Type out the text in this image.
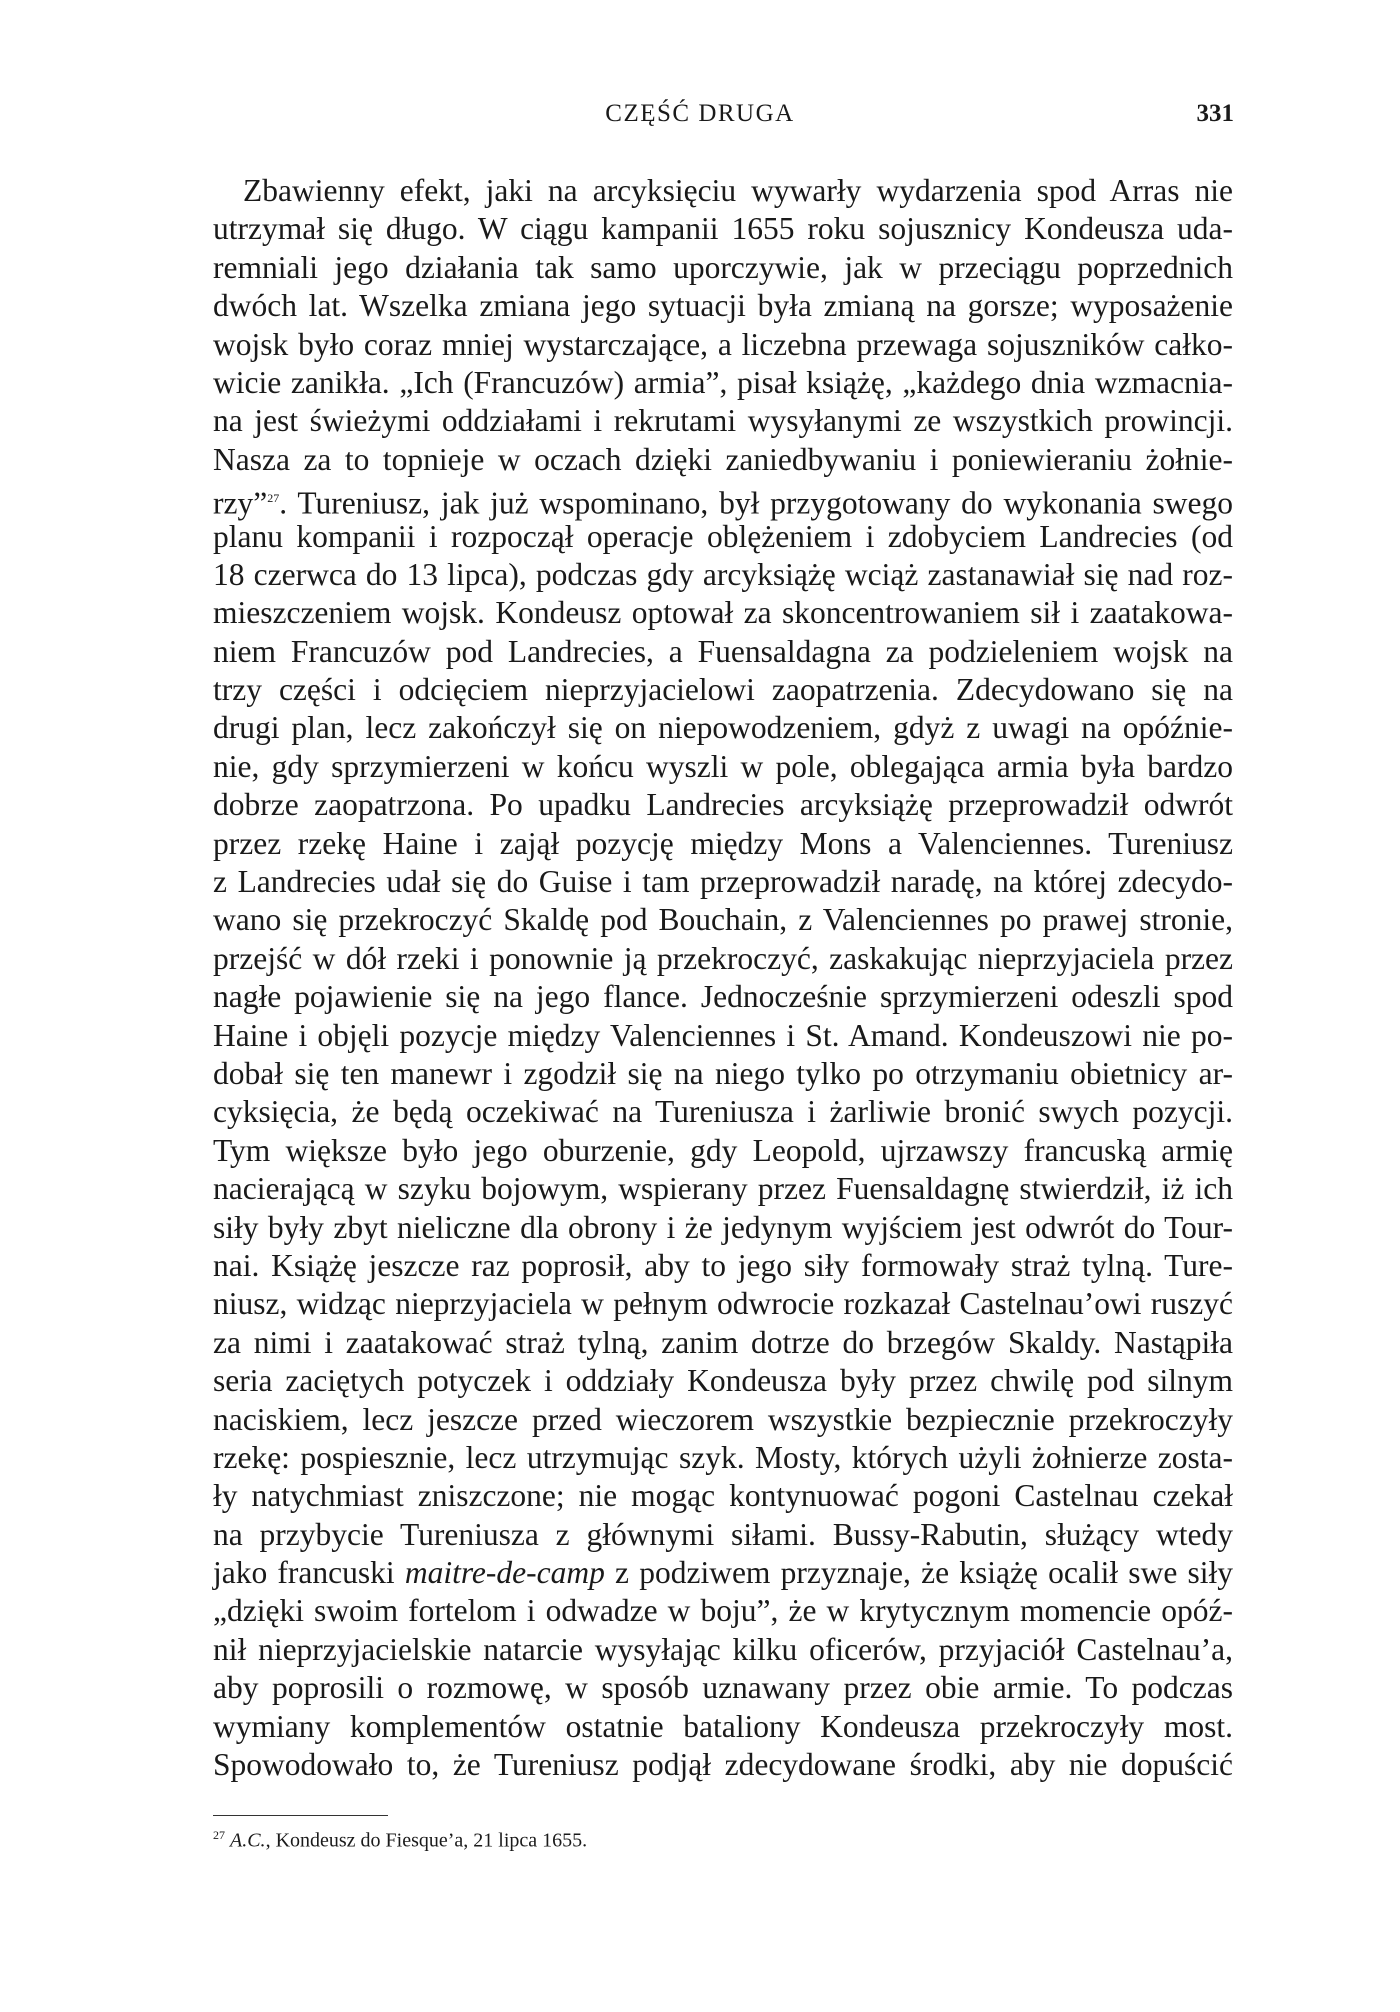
CZĘŚĆ DRUGA	331
Zbawienny efekt, jaki na arcyksięciu wywarły wydarzenia spod Arras nie
utrzymał się długo. W ciągu kampanii 1655 roku sojusznicy Kondeusza uda-
remniali jego działania tak samo uporczywie, jak w przeciągu poprzednich
dwóch lat. Wszelka zmiana jego sytuacji była zmianą na gorsze; wyposażenie
wojsk było coraz mniej wystarczające, a liczebna przewaga sojuszników całko-
wicie zanikła. „Ich (Francuzów) armia”, pisał książę, „każdego dnia wzmacnia-
na jest świeżymi oddziałami i rekrutami wysyłanymi ze wszystkich prowincji.
Nasza za to topnieje w oczach dzięki zaniedbywaniu i poniewieraniu żołnie-
rzy”$^{27}$. Tureniusz, jak już wspominano, był przygotowany do wykonania swego
planu kompanii i rozpoczął operacje oblężeniem i zdobyciem Landrecies (od
18 czerwca do 13 lipca), podczas gdy arcyksiążę wciąż zastanawiał się nad roz-
mieszczeniem wojsk. Kondeusz optował za skoncentrowaniem sił i zaatakowa-
niem Francuzów pod Landrecies, a Fuensaldagna za podzieleniem wojsk na
trzy części i odcięciem nieprzyjacielowi zaopatrzenia. Zdecydowano się na
drugi plan, lecz zakończył się on niepowodzeniem, gdyż z uwagi na opóźnie-
nie, gdy sprzymierzeni w końcu wyszli w pole, oblegająca armia była bardzo
dobrze zaopatrzona. Po upadku Landrecies arcyksiążę przeprowadził odwrót
przez rzekę Haine i zajął pozycję między Mons a Valenciennes. Tureniusz
z Landrecies udał się do Guise i tam przeprowadził naradę, na której zdecydo-
wano się przekroczyć Skaldę pod Bouchain, z Valenciennes po prawej stronie,
przejść w dół rzeki i ponownie ją przekroczyć, zaskakując nieprzyjaciela przez
nagłe pojawienie się na jego flance. Jednocześnie sprzymierzeni odeszli spod
Haine i objęli pozycje między Valenciennes i St. Amand. Kondeuszowi nie po-
dobał się ten manewr i zgodził się na niego tylko po otrzymaniu obietnicy ar-
cyksięcia, że będą oczekiwać na Tureniusza i żarliwie bronić swych pozycji.
Tym większe było jego oburzenie, gdy Leopold, ujrzawszy francuską armię
nacierającą w szyku bojowym, wspierany przez Fuensaldagnę stwierdził, iż ich
siły były zbyt nieliczne dla obrony i że jedynym wyjściem jest odwrót do Tour-
nai. Książę jeszcze raz poprosił, aby to jego siły formowały straż tylną. Ture-
niusz, widząc nieprzyjaciela w pełnym odwrocie rozkazał Castelnau’owi ruszyć
za nimi i zaatakować straż tylną, zanim dotrze do brzegów Skaldy. Nastąpiła
seria zaciętych potyczek i oddziały Kondeusza były przez chwilę pod silnym
naciskiem, lecz jeszcze przed wieczorem wszystkie bezpiecznie przekroczyły
rzekę: pospiesznie, lecz utrzymując szyk. Mosty, których użyli żołnierze zosta-
ły natychmiast zniszczone; nie mogąc kontynuować pogoni Castelnau czekał
na przybycie Tureniusza z głównymi siłami. Bussy-Rabutin, służący wtedy
jako francuski maitre-de-camp z podziwem przyznaje, że książę ocalił swe siły
„dzięki swoim fortelom i odwadze w boju”, że w krytycznym momencie opóź-
nił nieprzyjacielskie natarcie wysyłając kilku oficerów, przyjaciół Castelnau’a,
aby poprosili o rozmowę, w sposób uznawany przez obie armie. To podczas
wymiany komplementów ostatnie bataliony Kondeusza przekroczyły most.
Spowodowało to, że Tureniusz podjął zdecydowane środki, aby nie dopuścić
$^{27}$ A.C., Kondeusz do Fiesque’a, 21 lipca 1655.
